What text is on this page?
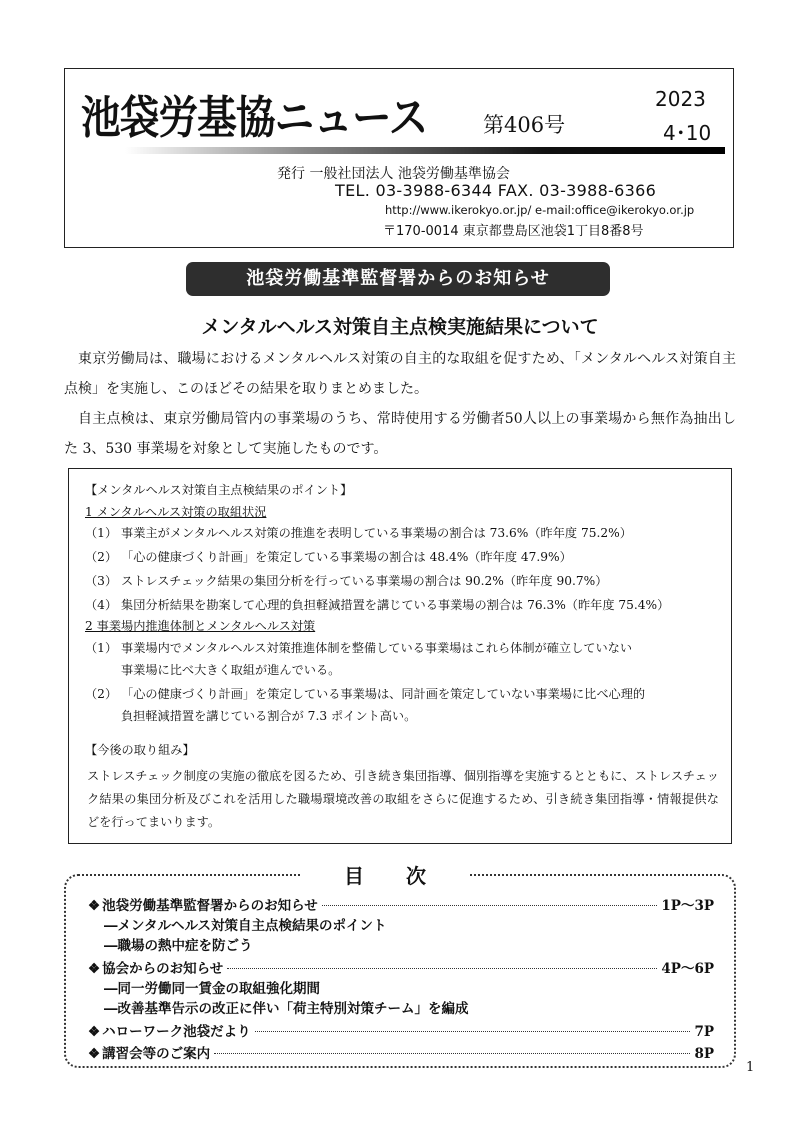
池袋労基協ニュース	第406号
2023
4･10
発行 一般社団法人 池袋労働基準協会
TEL. 03-3988-6344 FAX. 03-3988-6366
http://www.ikerokyo.or.jp/ e-mail:office@ikerokyo.or.jp
〒170-0014 東京都豊島区池袋1丁目8番8号
池袋労働基準監督署からのお知らせ
メンタルヘルス対策自主点検実施結果について
東京労働局は、職場におけるメンタルヘルス対策の自主的な取組を促すため、「メンタルヘルス対策自主点検」を実施し、このほどその結果を取りまとめました。
自主点検は、東京労働局管内の事業場のうち、常時使用する労働者50人以上の事業場から無作為抽出した 3、530 事業場を対象として実施したものです。
【メンタルヘルス対策自主点検結果のポイント】
1 メンタルヘルス対策の取組状況
（1） 事業主がメンタルヘルス対策の推進を表明している事業場の割合は 73.6%（昨年度 75.2%）
（2） 「心の健康づくり計画」を策定している事業場の割合は 48.4%（昨年度 47.9%）
（3） ストレスチェック結果の集団分析を行っている事業場の割合は 90.2%（昨年度 90.7%）
（4） 集団分析結果を勘案して心理的負担軽減措置を講じている事業場の割合は 76.3%（昨年度 75.4%）
2 事業場内推進体制とメンタルヘルス対策
（1） 事業場内でメンタルヘルス対策推進体制を整備している事業場はこれら体制が確立していない
事業場に比べ大きく取組が進んでいる。
（2） 「心の健康づくり計画」を策定している事業場は、同計画を策定していない事業場に比べ心理的
負担軽減措置を講じている割合が 7.3 ポイント高い。
【今後の取り組み】
ストレスチェック制度の実施の徹底を図るため、引き続き集団指導、個別指導を実施するとともに、ストレスチェック結果の集団分析及びこれを活用した職場環境改善の取組をさらに促進するため、引き続き集団指導・情報提供などを行ってまいります。
❖ 池袋労働基準監督署からのお知らせ	1P～3P
―メンタルヘルス対策自主点検結果のポイント
―職場の熱中症を防ごう
❖ 協会からのお知らせ	4P～6P
―同一労働同一賃金の取組強化期間
―改善基準告示の改正に伴い「荷主特別対策チーム」を編成
❖ ハローワーク池袋だより	7P
❖ 講習会等のご案内	8P
目次
1
